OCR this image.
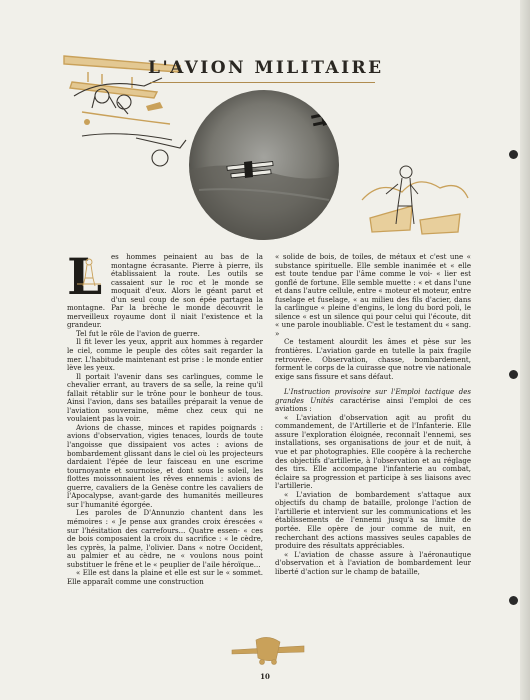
L'AVION MILITAIRE
L	es hommes peinaient au bas de la montagne écrasante. Pierre à pierre, ils établissaient la route. Les outils se cassaient sur le roc et le monde se moquait d'eux. Alors le géant parut et d'un seul coup de son épée partagea la montagne. Par la brèche le monde découvrit le merveilleux royaume dont il niait l'existence et la grandeur.

Tel fut le rôle de l'avion de guerre.

Il fit lever les yeux, apprit aux hommes à regarder le ciel, comme le peuple des côtes sait regarder la mer. L'habitude maintenant est prise : le monde entier lève les yeux.

Il portait l'avenir dans ses carlingues, comme le chevalier errant, au travers de sa selle, la reine qu'il fallait rétablir sur le trône pour le bonheur de tous. Ainsi l'avion, dans ses batailles préparait la venue de l'aviation souveraine, même chez ceux qui ne voulaient pas la voir.

Avions de chasse, minces et rapides poignards : avions d'observation, vigies tenaces, lourds de toute l'angoisse que dissipaient vos actes : avions de bombardement glissant dans le ciel où les projecteurs dardaient l'épée de leur faisceau en une escrime tournoyante et sournoise, et dont sous le soleil, les flottes moissonnaient les rêves ennemis : avions de guerre, cavaliers de la Genèse contre les cavaliers de l'Apocalypse, avant-garde des humanités meilleures sur l'humanité égorgée.

Les paroles de D'Annunzio chantent dans les mémoires : « Je pense aux grandes croix érescées « sur l'hésitation des carrefours... Quatre essen- « ces de bois composaient la croix du sacrifice : « le cèdre, les cyprès, la palme, l'olivier. Dans « notre Occident, au palmier et au cèdre, ne « voulons nous point substituer le frêne et le « peuplier de l'aile héroïque...

« Elle est dans la plaine et elle est sur le « sommet. Elle apparaît comme une construction

« solide de bois, de toiles, de métaux et c'est une « substance spirituelle. Elle semble inanimée et « elle est toute tendue par l'âme comme le voi- « lier est gonflé de fortune. Elle semble muette : « et dans l'une et dans l'autre cellule, entre « moteur et moteur, entre fuselage et fuselage, « au milieu des fils d'acier, dans la carlingue « pleine d'engins, le long du bord poli, le silence « est un silence qui pour celui qui l'écoute, dit « une parole inoubliable. C'est le testament du « sang. »

Ce testament alourdit les âmes et pèse sur les frontières. L'aviation garde en tutelle la paix fragile retrouvée. Observation, chasse, bombardement, forment le corps de la cuirasse que notre vie nationale exige sans fissure et sans défaut.

L'Instruction provisoire sur l'Emploi tactique des grandes Unités caractérise ainsi l'emploi de ces aviations :

« L'aviation d'observation agit au profit du commandement, de l'Artillerie et de l'Infanterie. Elle assure l'exploration éloignée, reconnaît l'ennemi, ses installations, ses organisations de jour et de nuit, à vue et par photographies. Elle coopère à la recherche des objectifs d'artillerie, à l'observation et au réglage des tirs. Elle accompagne l'infanterie au combat, éclaire sa progression et participe à ses liaisons avec l'artillerie.

« L'aviation de bombardement s'attaque aux objectifs du champ de bataille, prolonge l'action de l'artillerie et intervient sur les communications et les établissements de l'ennemi jusqu'à sa limite de portée. Elle opère de jour comme de nuit, en recherchant des actions massives seules capables de produire des résultats appréciables.

« L'aviation de chasse assure à l'aéronautique d'observation et à l'aviation de bombardement leur liberté d'action sur le champ de bataille,

10
